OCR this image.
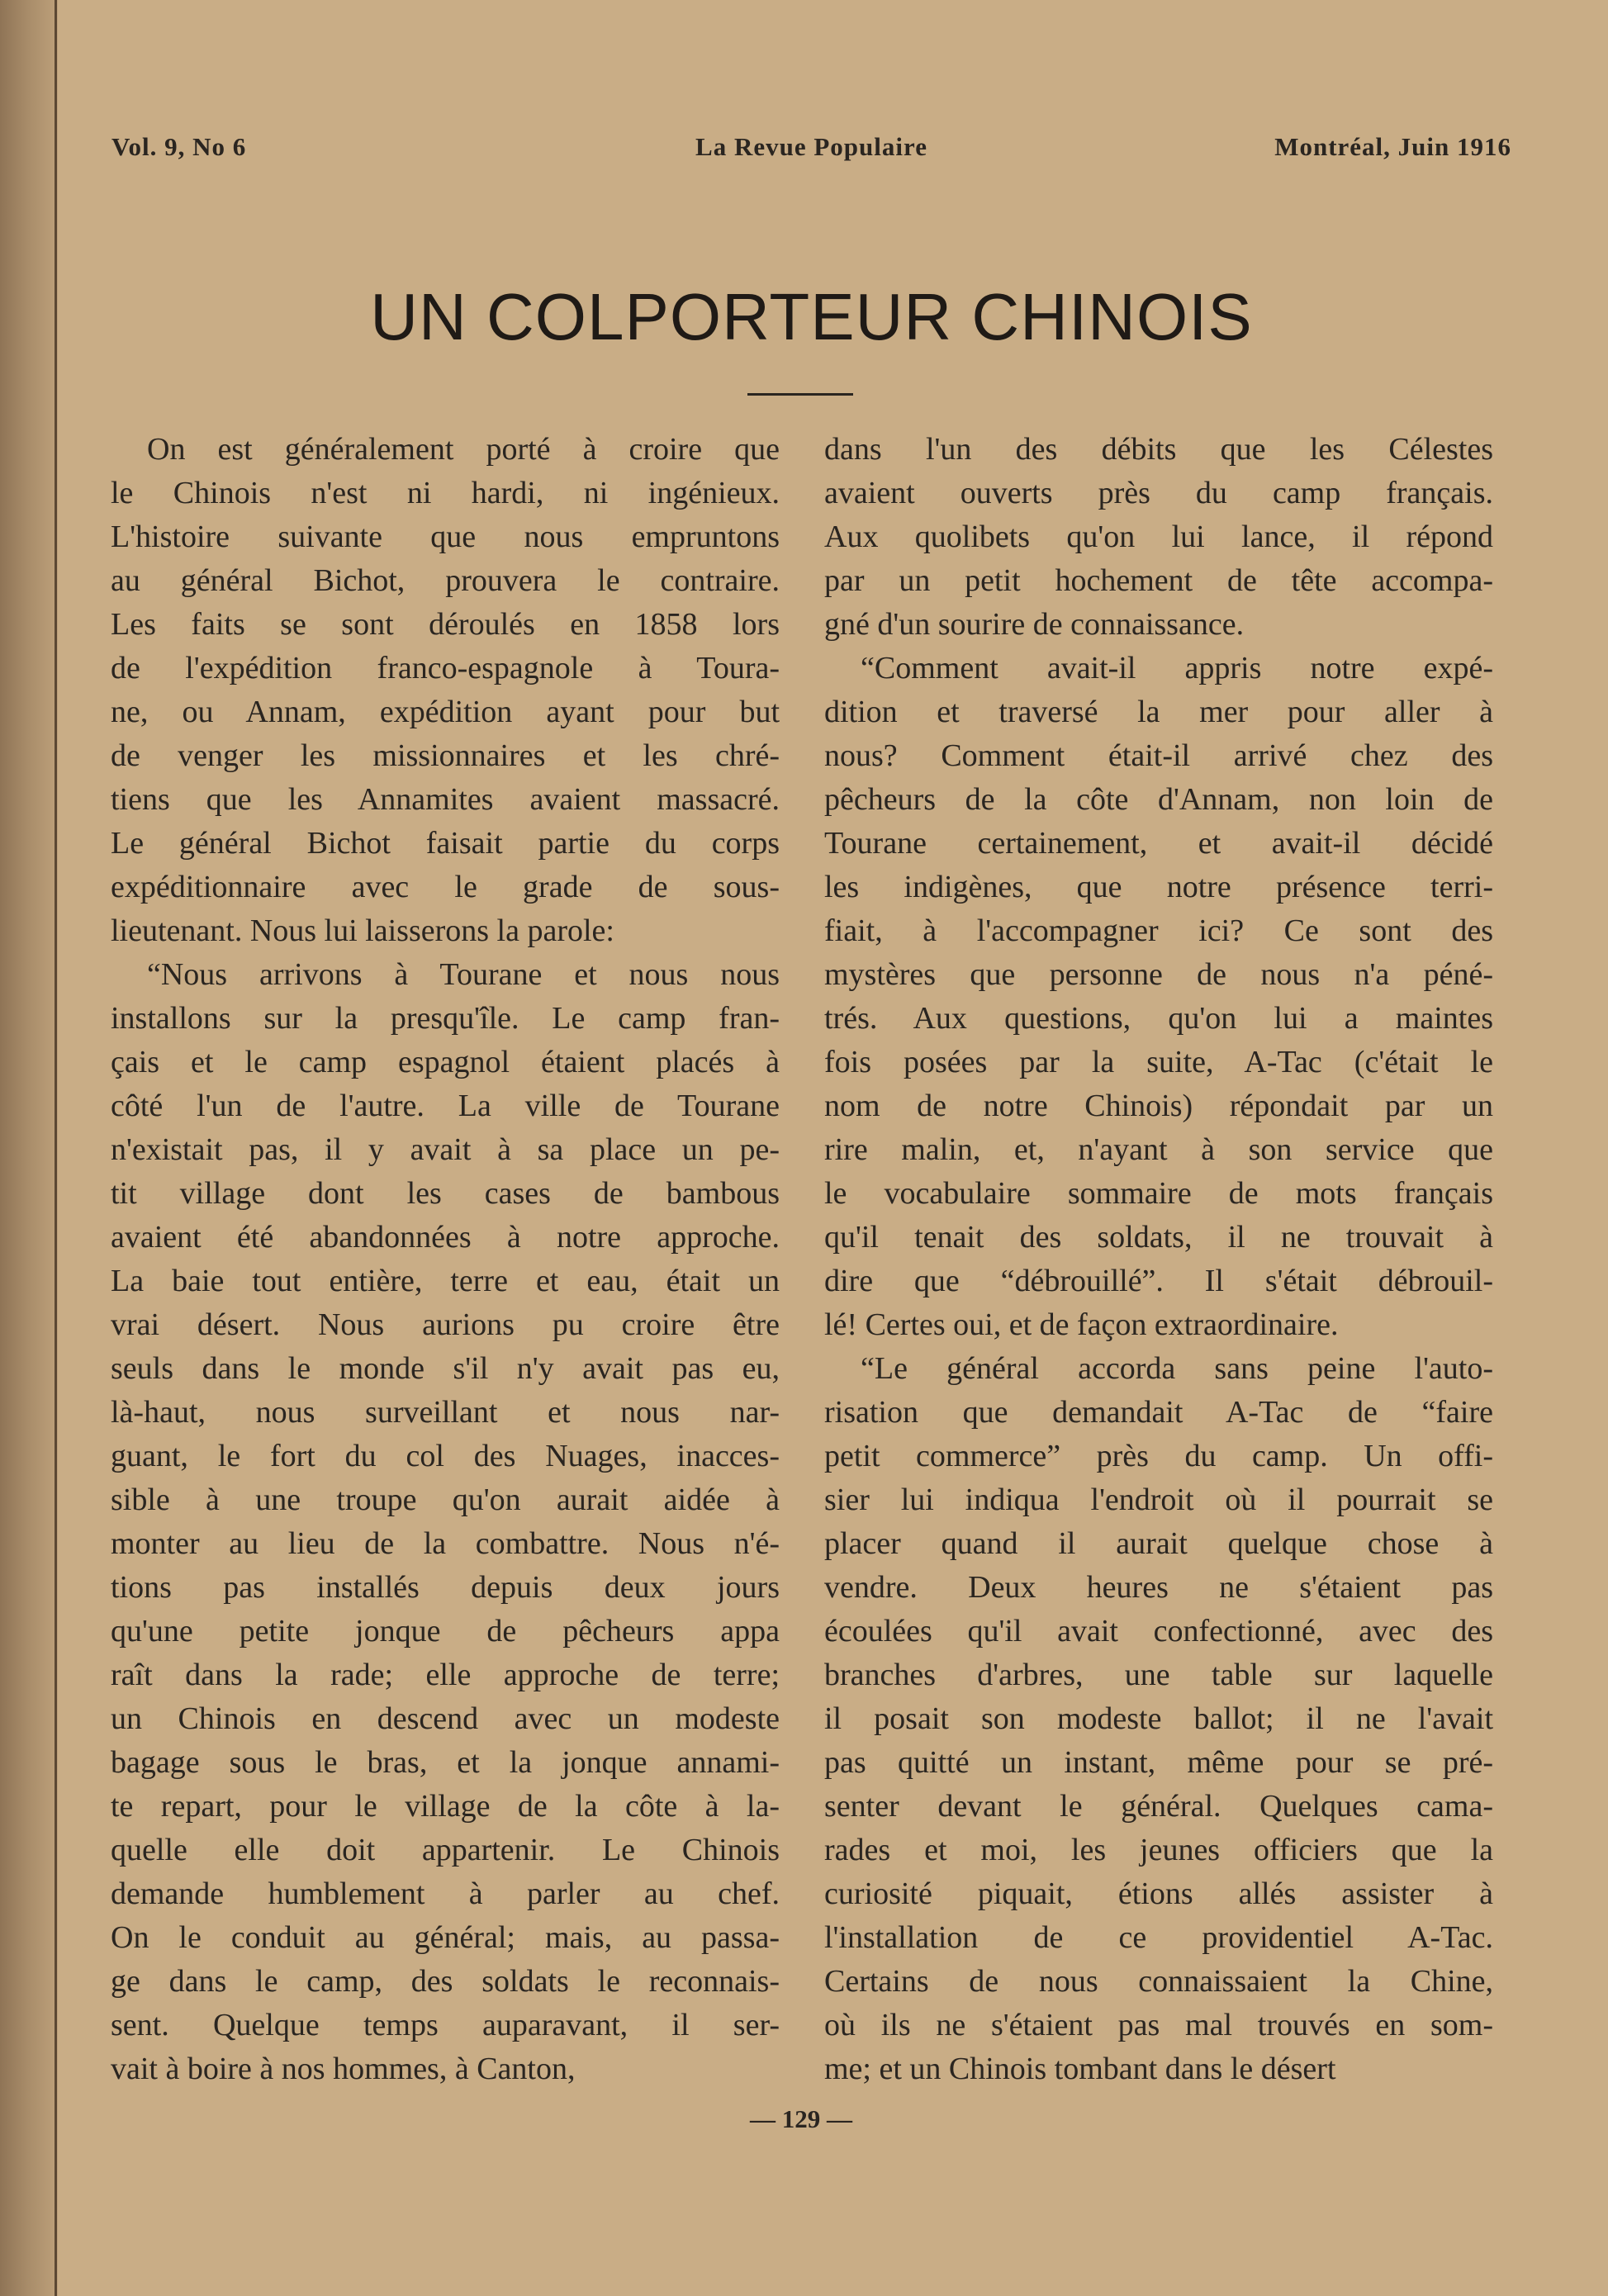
Vol. 9, No 6	La Revue Populaire	Montréal, Juin 1916
UN COLPORTEUR CHINOIS
On est généralement porté à croire que
le Chinois n'est ni hardi, ni ingénieux.
L'histoire suivante que nous empruntons
au général Bichot, prouvera le contraire.
Les faits se sont déroulés en 1858 lors
de l'expédition franco-espagnole à Toura-
ne, ou Annam, expédition ayant pour but
de venger les missionnaires et les chré-
tiens que les Annamites avaient massacré.
Le général Bichot faisait partie du corps
expéditionnaire avec le grade de sous-
lieutenant. Nous lui laisserons la parole:
“Nous arrivons à Tourane et nous nous
installons sur la presqu'île. Le camp fran-
çais et le camp espagnol étaient placés à
côté l'un de l'autre. La ville de Tourane
n'existait pas, il y avait à sa place un pe-
tit village dont les cases de bambous
avaient été abandonnées à notre approche.
La baie tout entière, terre et eau, était un
vrai désert. Nous aurions pu croire être
seuls dans le monde s'il n'y avait pas eu,
là-haut, nous surveillant et nous nar-
guant, le fort du col des Nuages, inacces-
sible à une troupe qu'on aurait aidée à
monter au lieu de la combattre. Nous n'é-
tions pas installés depuis deux jours
qu'une petite jonque de pêcheurs appa
raît dans la rade; elle approche de terre;
un Chinois en descend avec un modeste
bagage sous le bras, et la jonque annami-
te repart, pour le village de la côte à la-
quelle elle doit appartenir. Le Chinois
demande humblement à parler au chef.
On le conduit au général; mais, au passa-
ge dans le camp, des soldats le reconnais-
sent. Quelque temps auparavant, il ser-
vait à boire à nos hommes, à Canton,
dans l'un des débits que les Célestes
avaient ouverts près du camp français.
Aux quolibets qu'on lui lance, il répond
par un petit hochement de tête accompa-
gné d'un sourire de connaissance.
“Comment avait-il appris notre expé-
dition et traversé la mer pour aller à
nous? Comment était-il arrivé chez des
pêcheurs de la côte d'Annam, non loin de
Tourane certainement, et avait-il décidé
les indigènes, que notre présence terri-
fiait, à l'accompagner ici? Ce sont des
mystères que personne de nous n'a péné-
trés. Aux questions, qu'on lui a maintes
fois posées par la suite, A-Tac (c'était le
nom de notre Chinois) répondait par un
rire malin, et, n'ayant à son service que
le vocabulaire sommaire de mots français
qu'il tenait des soldats, il ne trouvait à
dire que “débrouillé”. Il s'était débrouil-
lé! Certes oui, et de façon extraordinaire.
“Le général accorda sans peine l'auto-
risation que demandait A-Tac de “faire
petit commerce” près du camp. Un offi-
sier lui indiqua l'endroit où il pourrait se
placer quand il aurait quelque chose à
vendre. Deux heures ne s'étaient pas
écoulées qu'il avait confectionné, avec des
branches d'arbres, une table sur laquelle
il posait son modeste ballot; il ne l'avait
pas quitté un instant, même pour se pré-
senter devant le général. Quelques cama-
rades et moi, les jeunes officiers que la
curiosité piquait, étions allés assister à
l'installation de ce providentiel A-Tac.
Certains de nous connaissaient la Chine,
où ils ne s'étaient pas mal trouvés en som-
me; et un Chinois tombant dans le désert
— 129 —
